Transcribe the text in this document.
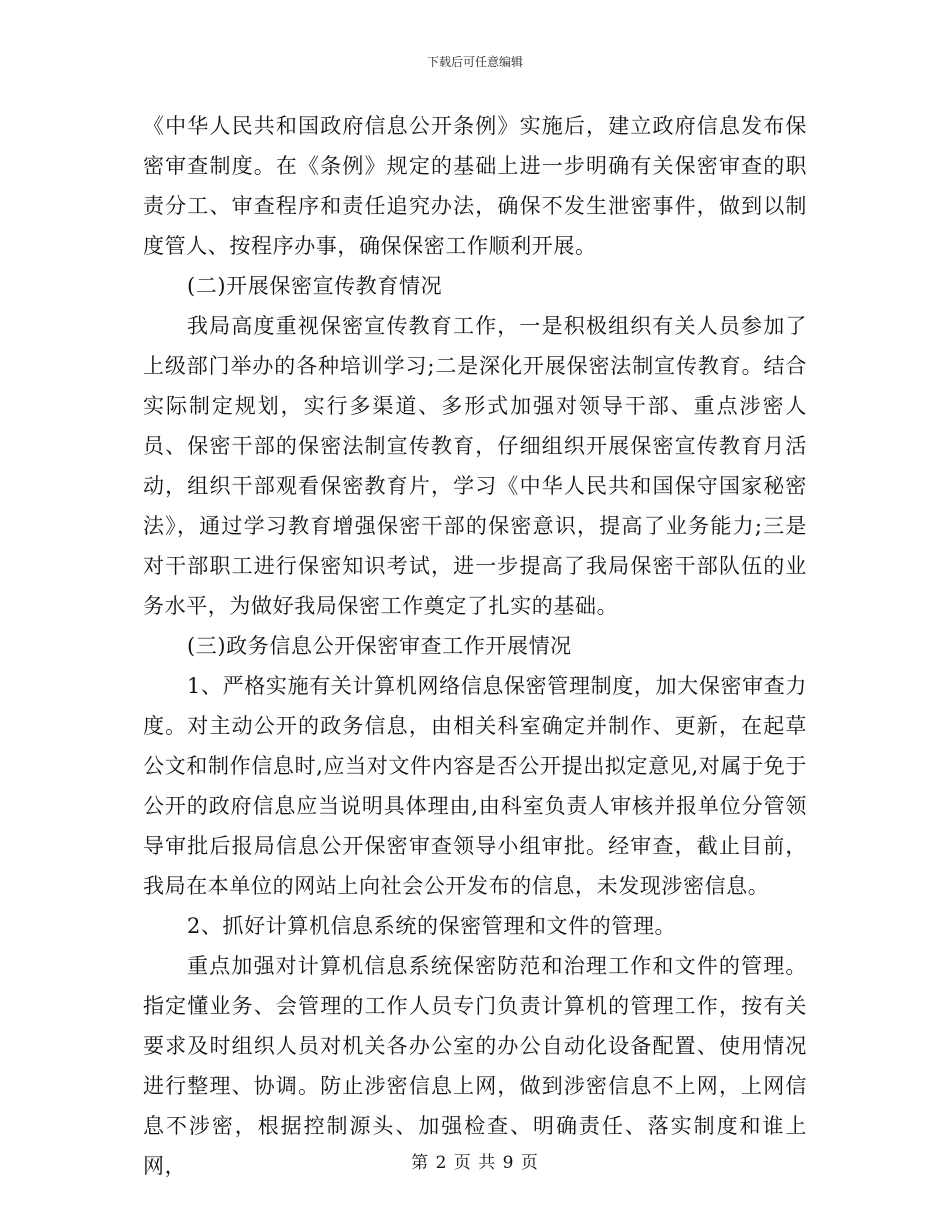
下载后可任意编辑

《中华人民共和国政府信息公开条例》实施后，建立政府信息发布保密审查制度。在《条例》规定的基础上进一步明确有关保密审查的职责分工、审查程序和责任追究办法，确保不发生泄密事件，做到以制度管人、按程序办事，确保保密工作顺利开展。

(二)开展保密宣传教育情况

我局高度重视保密宣传教育工作，一是积极组织有关人员参加了上级部门举办的各种培训学习;二是深化开展保密法制宣传教育。结合实际制定规划，实行多渠道、多形式加强对领导干部、重点涉密人员、保密干部的保密法制宣传教育，仔细组织开展保密宣传教育月活动，组织干部观看保密教育片，学习《中华人民共和国保守国家秘密法》，通过学习教育增强保密干部的保密意识，提高了业务能力;三是对干部职工进行保密知识考试，进一步提高了我局保密干部队伍的业务水平，为做好我局保密工作奠定了扎实的基础。

(三)政务信息公开保密审查工作开展情况

1、严格实施有关计算机网络信息保密管理制度，加大保密审查力度。对主动公开的政务信息，由相关科室确定并制作、更新，在起草公文和制作信息时,应当对文件内容是否公开提出拟定意见,对属于免于公开的政府信息应当说明具体理由,由科室负责人审核并报单位分管领导审批后报局信息公开保密审查领导小组审批。经审查，截止目前，我局在本单位的网站上向社会公开发布的信息，未发现涉密信息。

2、抓好计算机信息系统的保密管理和文件的管理。

重点加强对计算机信息系统保密防范和治理工作和文件的管理。指定懂业务、会管理的工作人员专门负责计算机的管理工作，按有关要求及时组织人员对机关各办公室的办公自动化设备配置、使用情况进行整理、协调。防止涉密信息上网，做到涉密信息不上网，上网信息不涉密，根据控制源头、加强检查、明确责任、落实制度和谁上网，	第 2 页 共 9 页
